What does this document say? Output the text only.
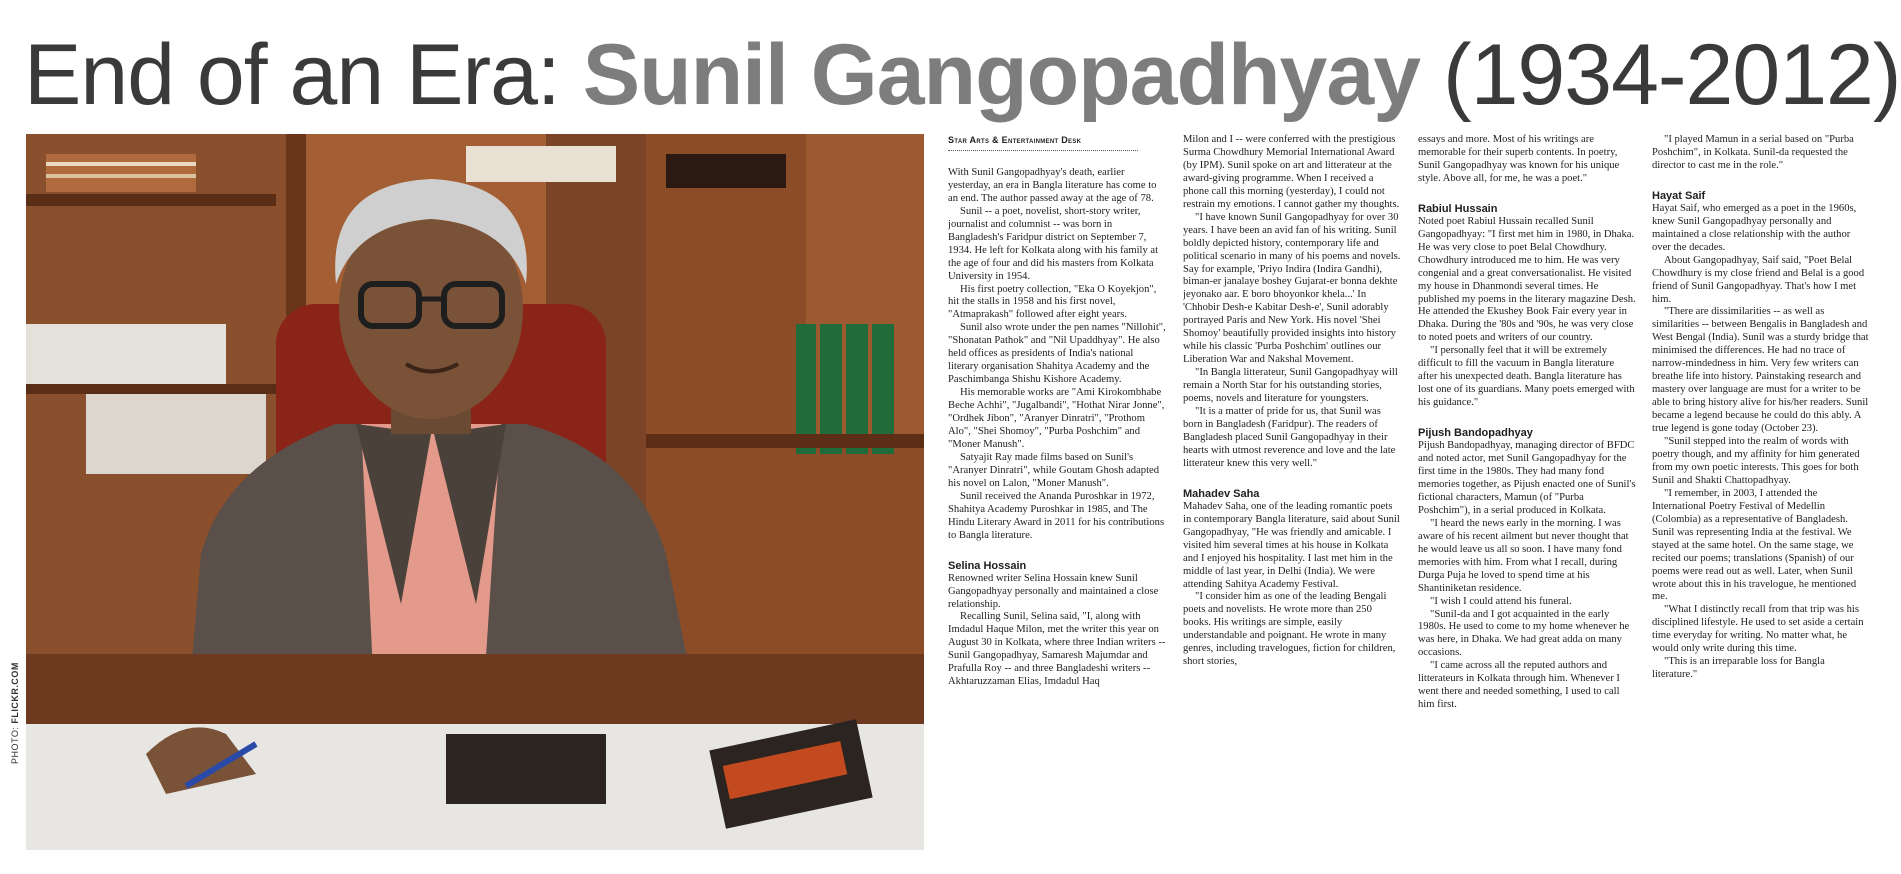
End of an Era: Sunil Gangopadhyay (1934-2012)
PHOTO: FLICKR.COM
Star Arts & Entertainment Desk

With Sunil Gangopadhyay's death, earlier yesterday, an era in Bangla literature has come to an end. The author passed away at the age of 78.

Sunil -- a poet, novelist, short-story writer, journalist and columnist -- was born in Bangladesh's Faridpur district on September 7, 1934. He left for Kolkata along with his family at the age of four and did his masters from Kolkata University in 1954.

His first poetry collection, "Eka O Koyekjon", hit the stalls in 1958 and his first novel, "Atmaprakash" followed after eight years.

Sunil also wrote under the pen names "Nillohit", "Shonatan Pathok" and "Nil Upaddhyay". He also held offices as presidents of India's national literary organisation Shahitya Academy and the Paschimbanga Shishu Kishore Academy.

His memorable works are "Ami Kirokombhabe Beche Achhi", "Jugalbandi", "Hothat Nirar Jonne", "Ordhek Jibon", "Aranyer Dinratri", "Prothom Alo", "Shei Shomoy", "Purba Poshchim" and "Moner Manush".

Satyajit Ray made films based on Sunil's "Aranyer Dinratri", while Goutam Ghosh adapted his novel on Lalon, "Moner Manush".

Sunil received the Ananda Puroshkar in 1972, Shahitya Academy Puroshkar in 1985, and The Hindu Literary Award in 2011 for his contributions to Bangla literature.

Selina Hossain

Renowned writer Selina Hossain knew Sunil Gangopadhyay personally and maintained a close relationship.

Recalling Sunil, Selina said, "I, along with Imdadul Haque Milon, met the writer this year on August 30 in Kolkata, where three Indian writers -- Sunil Gangopadhyay, Samaresh Majumdar and Prafulla Roy -- and three Bangladeshi writers -- Akhtaruzzaman Elias, Imdadul Haq

Milon and I -- were conferred with the prestigious Surma Chowdhury Memorial International Award (by IPM). Sunil spoke on art and litterateur at the award-giving programme. When I received a phone call this morning (yesterday), I could not restrain my emotions. I cannot gather my thoughts.

"I have known Sunil Gangopadhyay for over 30 years. I have been an avid fan of his writing. Sunil boldly depicted history, contemporary life and political scenario in many of his poems and novels. Say for example, 'Priyo Indira (Indira Gandhi), biman-er janalaye boshey Gujarat-er bonna dekhte jeyonako aar. E boro bhoyonkor khela...' In 'Chhobir Desh-e Kabitar Desh-e', Sunil adorably portrayed Paris and New York. His novel 'Shei Shomoy' beautifully provided insights into history while his classic 'Purba Poshchim' outlines our Liberation War and Nakshal Movement.

"In Bangla litterateur, Sunil Gangopadhyay will remain a North Star for his outstanding stories, poems, novels and literature for youngsters.

"It is a matter of pride for us, that Sunil was born in Bangladesh (Faridpur). The readers of Bangladesh placed Sunil Gangopadhyay in their hearts with utmost reverence and love and the late litterateur knew this very well."

Mahadev Saha

Mahadev Saha, one of the leading romantic poets in contemporary Bangla literature, said about Sunil Gangopadhyay, "He was friendly and amicable. I visited him several times at his house in Kolkata and I enjoyed his hospitality. I last met him in the middle of last year, in Delhi (India). We were attending Sahitya Academy Festival.

"I consider him as one of the leading Bengali poets and novelists. He wrote more than 250 books. His writings are simple, easily understandable and poignant. He wrote in many genres, including travelogues, fiction for children, short stories,

essays and more. Most of his writings are memorable for their superb contents. In poetry, Sunil Gangopadhyay was known for his unique style. Above all, for me, he was a poet."

Rabiul Hussain

Noted poet Rabiul Hussain recalled Sunil Gangopadhyay: "I first met him in 1980, in Dhaka. He was very close to poet Belal Chowdhury. Chowdhury introduced me to him. He was very congenial and a great conversationalist. He visited my house in Dhanmondi several times. He published my poems in the literary magazine Desh. He attended the Ekushey Book Fair every year in Dhaka. During the '80s and '90s, he was very close to noted poets and writers of our country.

"I personally feel that it will be extremely difficult to fill the vacuum in Bangla literature after his unexpected death. Bangla literature has lost one of its guardians. Many poets emerged with his guidance."

Pijush Bandopadhyay

Pijush Bandopadhyay, managing director of BFDC and noted actor, met Sunil Gangopadhyay for the first time in the 1980s. They had many fond memories together, as Pijush enacted one of Sunil's fictional characters, Mamun (of "Purba Poshchim"), in a serial produced in Kolkata.

"I heard the news early in the morning. I was aware of his recent ailment but never thought that he would leave us all so soon. I have many fond memories with him. From what I recall, during Durga Puja he loved to spend time at his Shantiniketan residence.

"I wish I could attend his funeral.

"Sunil-da and I got acquainted in the early 1980s. He used to come to my home whenever he was here, in Dhaka. We had great adda on many occasions.

"I came across all the reputed authors and litterateurs in Kolkata through him. Whenever I went there and needed something, I used to call him first.

"I played Mamun in a serial based on "Purba Poshchim", in Kolkata. Sunil-da requested the director to cast me in the role."

Hayat Saif

Hayat Saif, who emerged as a poet in the 1960s, knew Sunil Gangopadhyay personally and maintained a close relationship with the author over the decades.

About Gangopadhyay, Saif said, "Poet Belal Chowdhury is my close friend and Belal is a good friend of Sunil Gangopadhyay. That's how I met him.

"There are dissimilarities -- as well as similarities -- between Bengalis in Bangladesh and West Bengal (India). Sunil was a sturdy bridge that minimised the differences. He had no trace of narrow-mindedness in him. Very few writers can breathe life into history. Painstaking research and mastery over language are must for a writer to be able to bring history alive for his/her readers. Sunil became a legend because he could do this ably. A true legend is gone today (October 23).

"Sunil stepped into the realm of words with poetry though, and my affinity for him generated from my own poetic interests. This goes for both Sunil and Shakti Chattopadhyay.

"I remember, in 2003, I attended the International Poetry Festival of Medellin (Colombia) as a representative of Bangladesh. Sunil was representing India at the festival. We stayed at the same hotel. On the same stage, we recited our poems; translations (Spanish) of our poems were read out as well. Later, when Sunil wrote about this in his travelogue, he mentioned me.

"What I distinctly recall from that trip was his disciplined lifestyle. He used to set aside a certain time everyday for writing. No matter what, he would only write during this time.

"This is an irreparable loss for Bangla literature."
